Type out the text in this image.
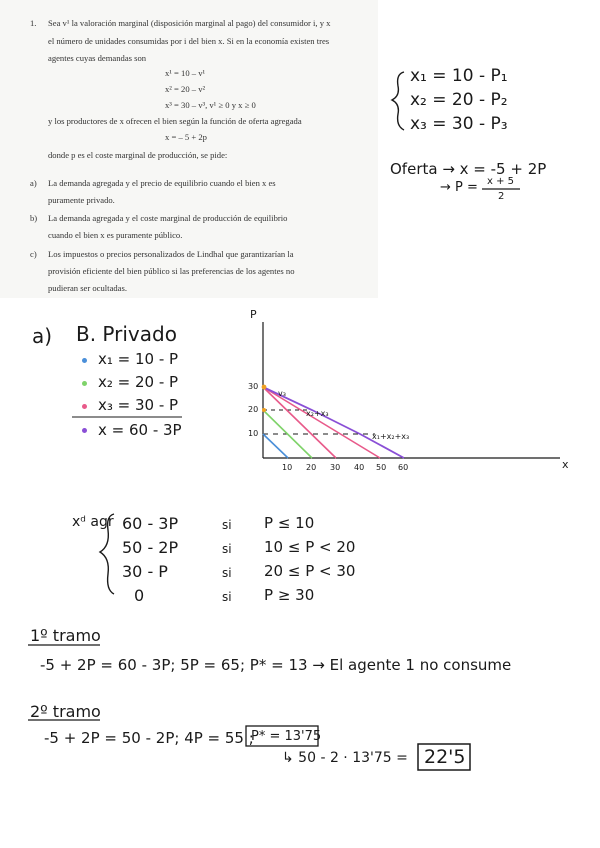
1. Sea v¹ la valoración marginal (disposición marginal al pago) del consumidor i, y x
el número de unidades consumidas por i del bien x. Si en la economía existen tres
agentes cuyas demandas son
x¹ = 10 – v¹
x² = 20 – v²
x³ = 30 – v³, v¹ ≥ 0 y x ≥ 0
y los productores de x ofrecen el bien según la función de oferta agregada
x = – 5 + 2p
donde p es el coste marginal de producción, se pide:
a) La demanda agregada y el precio de equilibrio cuando el bien x es
puramente privado.
b) La demanda agregada y el coste marginal de producción de equilibrio
cuando el bien x es puramente público.
c) Los impuestos o precios personalizados de Lindhal que garantizarían la
provisión eficiente del bien público si las preferencias de los agentes no
pudieran ser ocultadas.
x₁ = 10 - P₁
x₂ = 20 - P₂
x₃ = 30 - P₃
Oferta → x = -5 + 2P
→ P = x + 5
2
a) B. Privado
x₁ = 10 - P
x₂ = 20 - P
x₃ = 30 - P
x = 60 - 3P
P
x
30
20
10
10 20 30 40 50 60
v₃
x₂+x₃
x₁+x₂+x₃
xᵈ agr 60 - 3P	si P ≤ 10
50 - 2P	si 10 ≤ P < 20
30 - P	si 20 ≤ P < 30
0	si P ≥ 30
1º tramo
-5 + 2P = 60 - 3P; 5P = 65; P* = 13 → El agente 1 no consume
2º tramo
-5 + 2P = 50 - 2P; 4P = 55 ;
P* = 13'75
↳ 50 - 2 · 13'75 = 22'5
